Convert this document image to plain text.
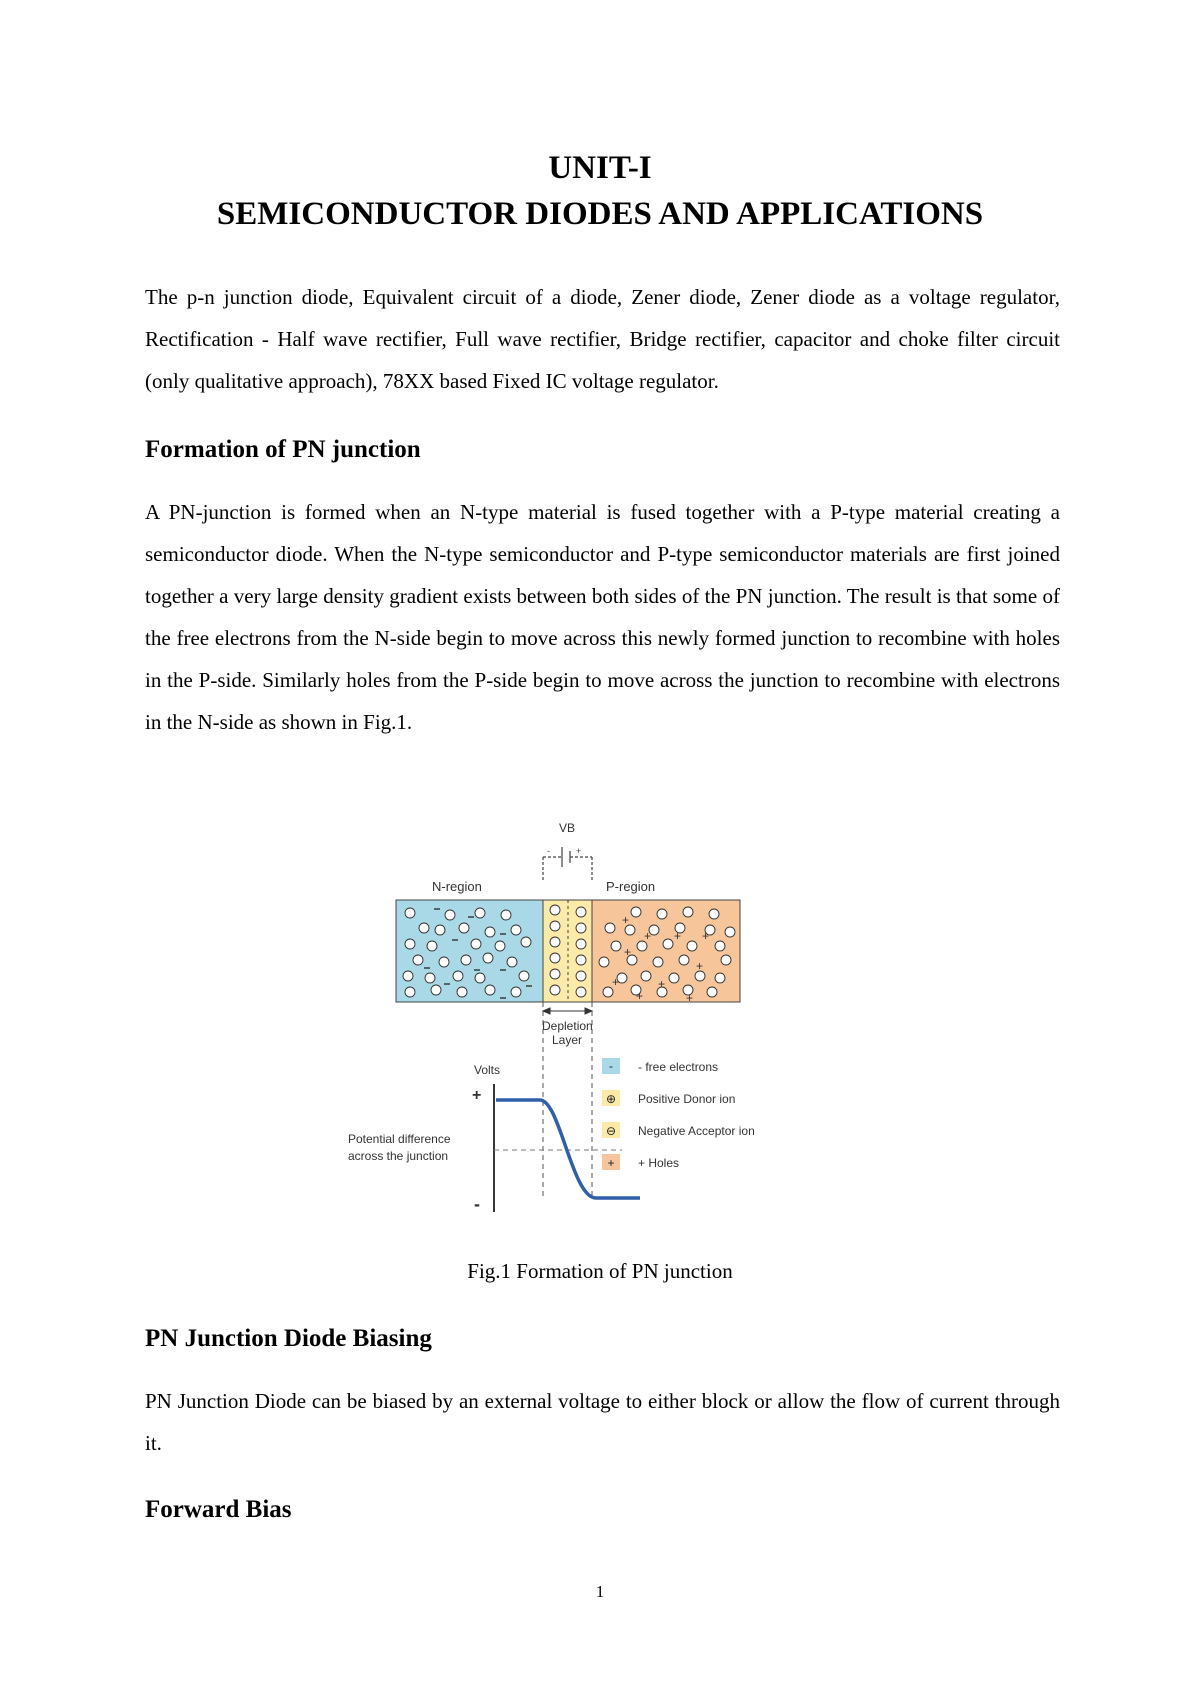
UNIT-I
SEMICONDUCTOR DIODES AND APPLICATIONS

The p-n junction diode, Equivalent circuit of a diode, Zener diode, Zener diode as a voltage regulator, Rectification - Half wave rectifier, Full wave rectifier, Bridge rectifier, capacitor and choke filter circuit (only qualitative approach), 78XX based Fixed IC voltage regulator.

Formation of PN junction

A PN-junction is formed when an N-type material is fused together with a P-type material creating a semiconductor diode. When the N-type semiconductor and P-type semiconductor materials are first joined together a very large density gradient exists between both sides of the PN junction. The result is that some of the free electrons from the N-side begin to move across this newly formed junction to recombine with holes in the P-side. Similarly holes from the P-side begin to move across the junction to recombine with electrons in the N-side as shown in Fig.1.

VB
-	+
N-region	P-region
+
+ + +
+
+
+	+
+	+
Depletion
Layer
Volts
+
-
Potential difference
across the junction
- - free electrons
⊕ Positive Donor ion
⊖ Negative Acceptor ion
+ + Holes

Fig.1 Formation of PN junction

PN Junction Diode Biasing

PN Junction Diode can be biased by an external voltage to either block or allow the flow of current through it.

Forward Bias

1
